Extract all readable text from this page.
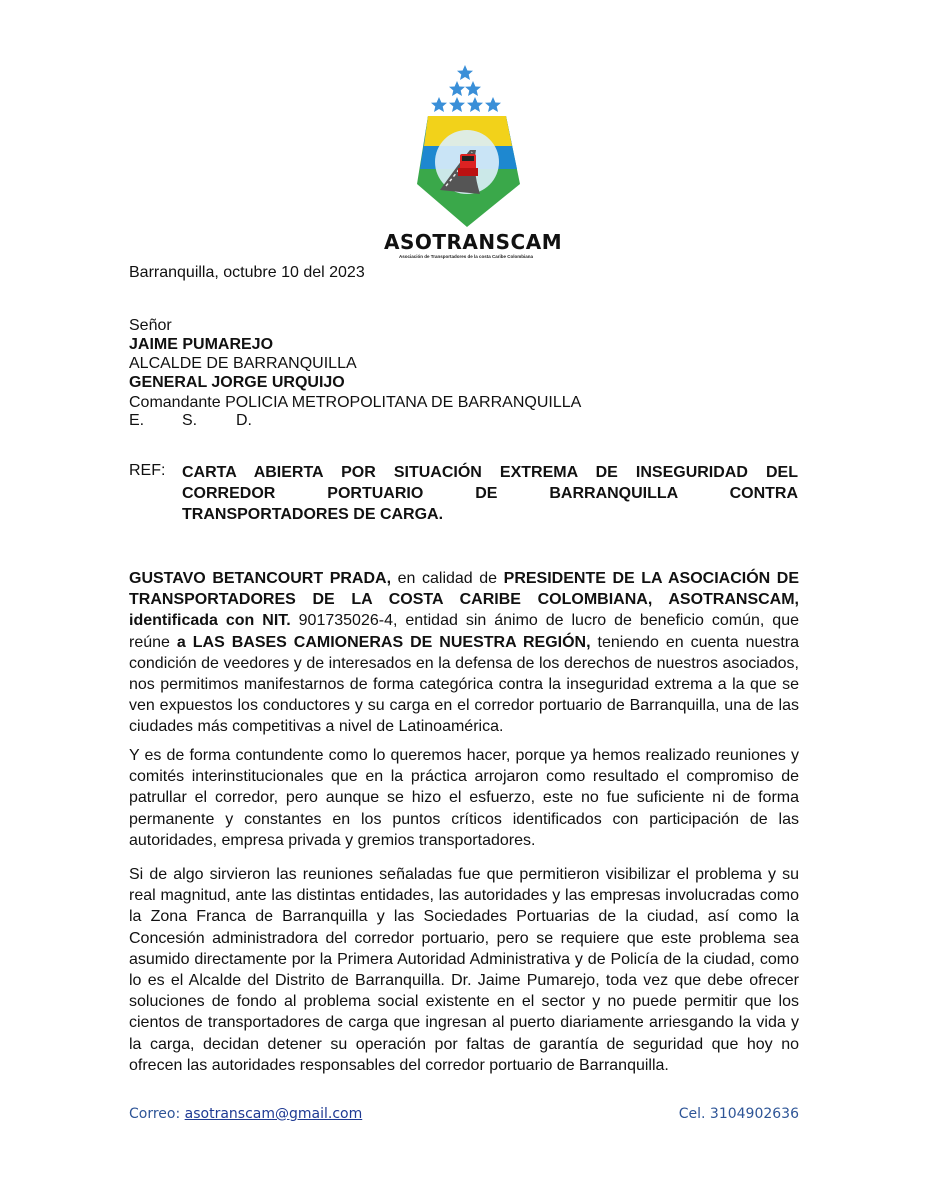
ASOTRANSCAM
Asociación de Transportadores de la costa Caribe Colombiana
Barranquilla, octubre 10 del 2023
Señor
JAIME PUMAREJO
ALCALDE DE BARRANQUILLA
GENERAL JORGE URQUIJO
Comandante POLICIA METROPOLITANA DE BARRANQUILLA
E. S. D.
REF: CARTA ABIERTA POR SITUACIÓN EXTREMA DE INSEGURIDAD DEL CORREDOR PORTUARIO DE BARRANQUILLA CONTRA
TRANSPORTADORES DE CARGA.

GUSTAVO BETANCOURT PRADA, en calidad de PRESIDENTE DE LA ASOCIACIÓN DE TRANSPORTADORES DE LA COSTA CARIBE COLOMBIANA, ASOTRANSCAM, identificada con NIT. 901735026-4, entidad sin ánimo de lucro de beneficio común, que reúne a LAS BASES CAMIONERAS DE NUESTRA REGIÓN, teniendo en cuenta nuestra condición de veedores y de interesados en la defensa de los derechos de nuestros asociados, nos permitimos manifestarnos de forma categórica contra la inseguridad extrema a la que se ven expuestos los conductores y su carga en el corredor portuario de Barranquilla, una de las ciudades más competitivas a nivel de Latinoamérica.

Y es de forma contundente como lo queremos hacer, porque ya hemos realizado reuniones y comités interinstitucionales que en la práctica arrojaron como resultado el compromiso de patrullar el corredor, pero aunque se hizo el esfuerzo, este no fue suficiente ni de forma permanente y constantes en los puntos críticos identificados con participación de las autoridades, empresa privada y gremios transportadores.

Si de algo sirvieron las reuniones señaladas fue que permitieron visibilizar el problema y su real magnitud, ante las distintas entidades, las autoridades y las empresas involucradas como la Zona Franca de Barranquilla y las Sociedades Portuarias de la ciudad, así como la Concesión administradora del corredor portuario, pero se requiere que este problema sea asumido directamente por la Primera Autoridad Administrativa y de Policía de la ciudad, como lo es el Alcalde del Distrito de Barranquilla. Dr. Jaime Pumarejo, toda vez que debe ofrecer soluciones de fondo al problema social existente en el sector y no puede permitir que los cientos de transportadores de carga que ingresan al puerto diariamente arriesgando la vida y la carga, decidan detener su operación por faltas de garantía de seguridad que hoy no ofrecen las autoridades responsables del corredor portuario de Barranquilla.

Correo: asotranscam@gmail.com	Cel. 3104902636
